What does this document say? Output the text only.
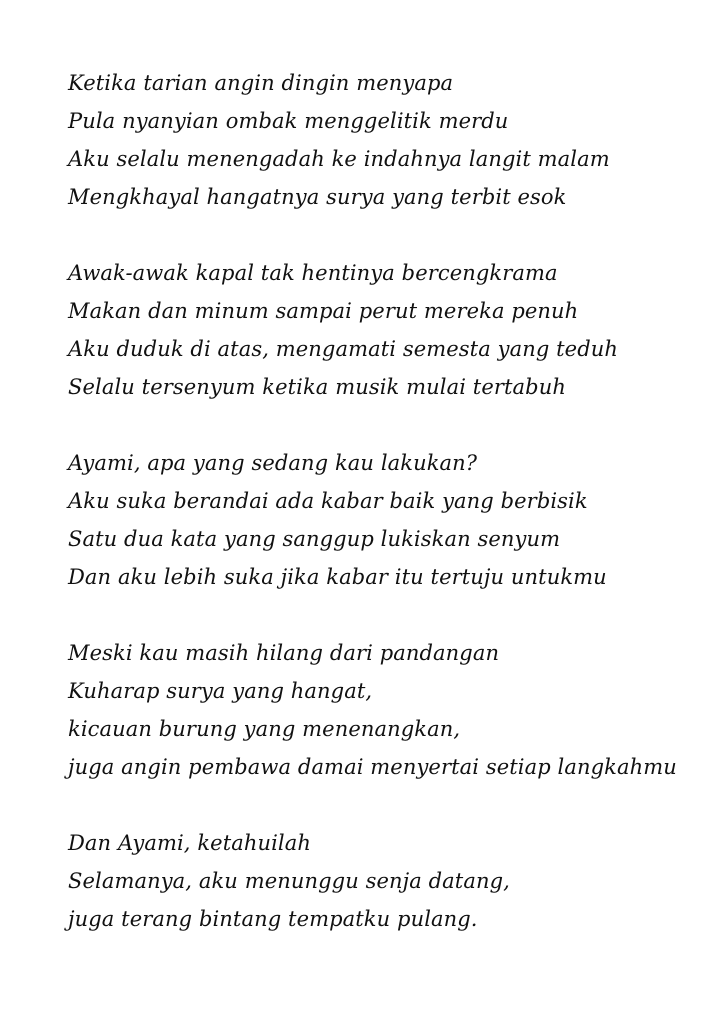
Ketika tarian angin dingin menyapa
Pula nyanyian ombak menggelitik merdu
Aku selalu menengadah ke indahnya langit malam
Mengkhayal hangatnya surya yang terbit esok
Awak-awak kapal tak hentinya bercengkrama
Makan dan minum sampai perut mereka penuh
Aku duduk di atas, mengamati semesta yang teduh
Selalu tersenyum ketika musik mulai tertabuh
Ayami, apa yang sedang kau lakukan?
Aku suka berandai ada kabar baik yang berbisik
Satu dua kata yang sanggup lukiskan senyum
Dan aku lebih suka jika kabar itu tertuju untukmu
Meski kau masih hilang dari pandangan
Kuharap surya yang hangat,
kicauan burung yang menenangkan,
juga angin pembawa damai menyertai setiap langkahmu
Dan Ayami, ketahuilah
Selamanya, aku menunggu senja datang,
juga terang bintang tempatku pulang.
